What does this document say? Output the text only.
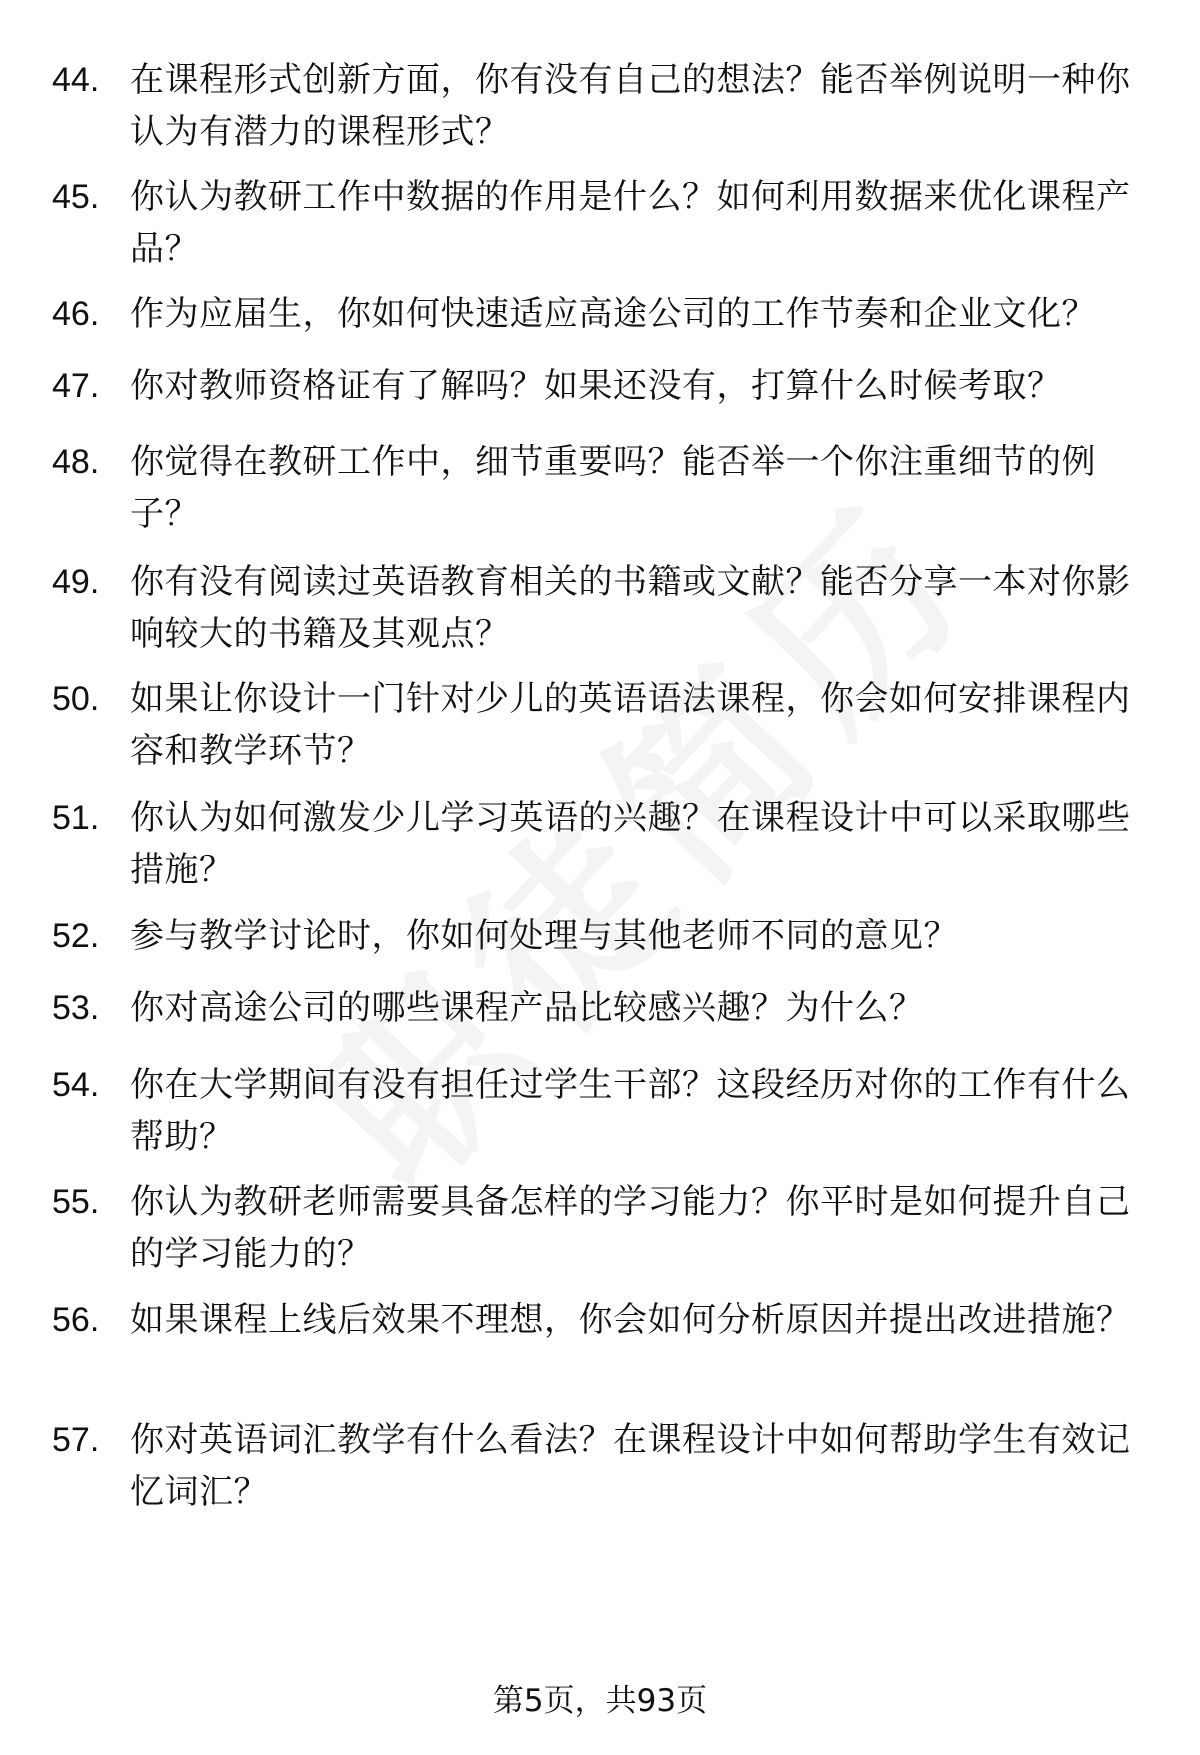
44. 在课程形式创新方面，你有没有自己的想法？能否举例说明一种你认为有潜力的课程形式？
45. 你认为教研工作中数据的作用是什么？如何利用数据来优化课程产品？
46. 作为应届生，你如何快速适应高途公司的工作节奏和企业文化？
47. 你对教师资格证有了解吗？如果还没有，打算什么时候考取？
48. 你觉得在教研工作中，细节重要吗？能否举一个你注重细节的例子？
49. 你有没有阅读过英语教育相关的书籍或文献？能否分享一本对你影响较大的书籍及其观点？
50. 如果让你设计一门针对少儿的英语语法课程，你会如何安排课程内容和教学环节？
51. 你认为如何激发少儿学习英语的兴趣？在课程设计中可以采取哪些措施？
52. 参与教学讨论时，你如何处理与其他老师不同的意见？
53. 你对高途公司的哪些课程产品比较感兴趣？为什么？
54. 你在大学期间有没有担任过学生干部？这段经历对你的工作有什么帮助？
55. 你认为教研老师需要具备怎样的学习能力？你平时是如何提升自己的学习能力的？
56. 如果课程上线后效果不理想，你会如何分析原因并提出改进措施？
57. 你对英语词汇教学有什么看法？在课程设计中如何帮助学生有效记忆词汇？
第5页，共93页
